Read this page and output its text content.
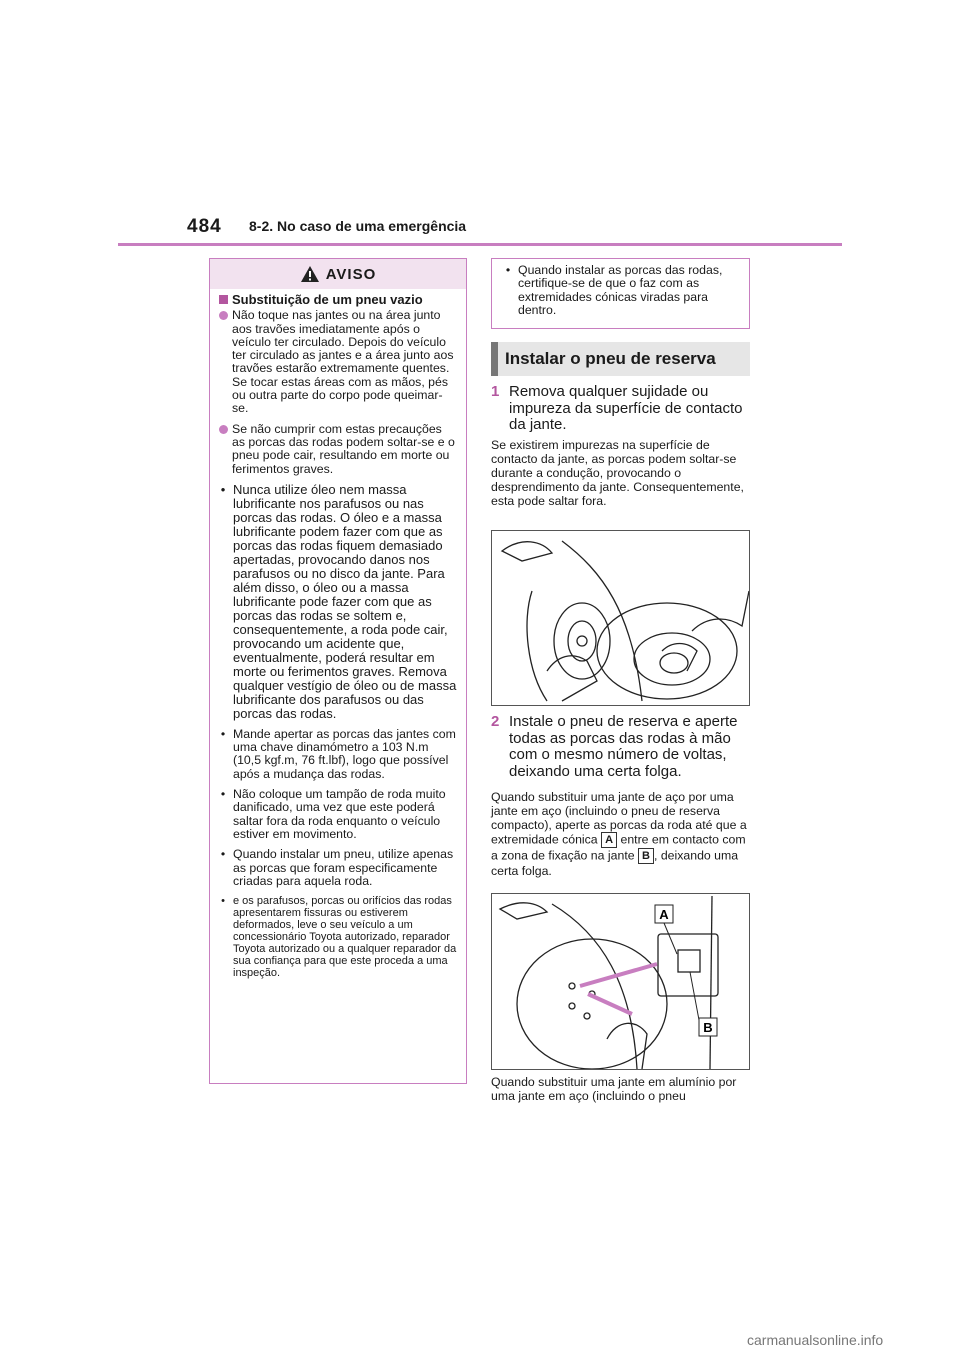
484 8-2. No caso de uma emergência
AVISO
Substituição de um pneu vazio
Não toque nas jantes ou na área junto aos travões imediatamente após o veículo ter circulado. Depois do veículo ter circulado as jantes e a área junto aos travões estarão extremamente quentes. Se tocar estas áreas com as mãos, pés ou outra parte do corpo pode queimar-se.
Se não cumprir com estas precauções as porcas das rodas podem soltar-se e o pneu pode cair, resultando em morte ou ferimentos graves.
• Nunca utilize óleo nem massa lubrificante nos parafusos ou nas porcas das rodas. O óleo e a massa lubrificante podem fazer com que as porcas das rodas fiquem demasiado apertadas, provocando danos nos parafusos ou no disco da jante. Para além disso, o óleo ou a massa lubrificante pode fazer com que as porcas das rodas se soltem e, consequentemente, a roda pode cair, provocando um acidente que, eventualmente, poderá resultar em morte ou ferimentos graves. Remova qualquer vestígio de óleo ou de massa lubrificante dos parafusos ou das porcas das rodas.
• Mande apertar as porcas das jantes com uma chave dinamómetro a 103 N.m (10,5 kgf.m, 76 ft.lbf), logo que possível após a mudança das rodas.
• Não coloque um tampão de roda muito danificado, uma vez que este poderá saltar fora da roda enquanto o veículo estiver em movimento.
• Quando instalar um pneu, utilize apenas as porcas que foram especificamente criadas para aquela roda.
• e os parafusos, porcas ou orifícios das rodas apresentarem fissuras ou estiverem deformados, leve o seu veículo a um concessionário Toyota autorizado, reparador Toyota autorizado ou a qualquer reparador da sua confiança para que este proceda a uma inspeção.
• Quando instalar as porcas das rodas, certifique-se de que o faz com as extremidades cónicas viradas para dentro.
Instalar o pneu de reserva
1 Remova qualquer sujidade ou impureza da superfície de contacto da jante.
Se existirem impurezas na superfície de contacto da jante, as porcas podem soltar-se durante a condução, provocando o desprendimento da jante. Consequentemente, esta pode saltar fora.
2 Instale o pneu de reserva e aperte todas as porcas das rodas à mão com o mesmo número de voltas, deixando uma certa folga.
Quando substituir uma jante de aço por uma jante em aço (incluindo o pneu de reserva compacto), aperte as porcas da roda até que a extremidade cónica A entre em contacto com a zona de fixação na jante B , deixando uma certa folga.
A
B
Quando substituir uma jante em alumínio por uma jante em aço (incluindo o pneu
carmanualsonline.info
